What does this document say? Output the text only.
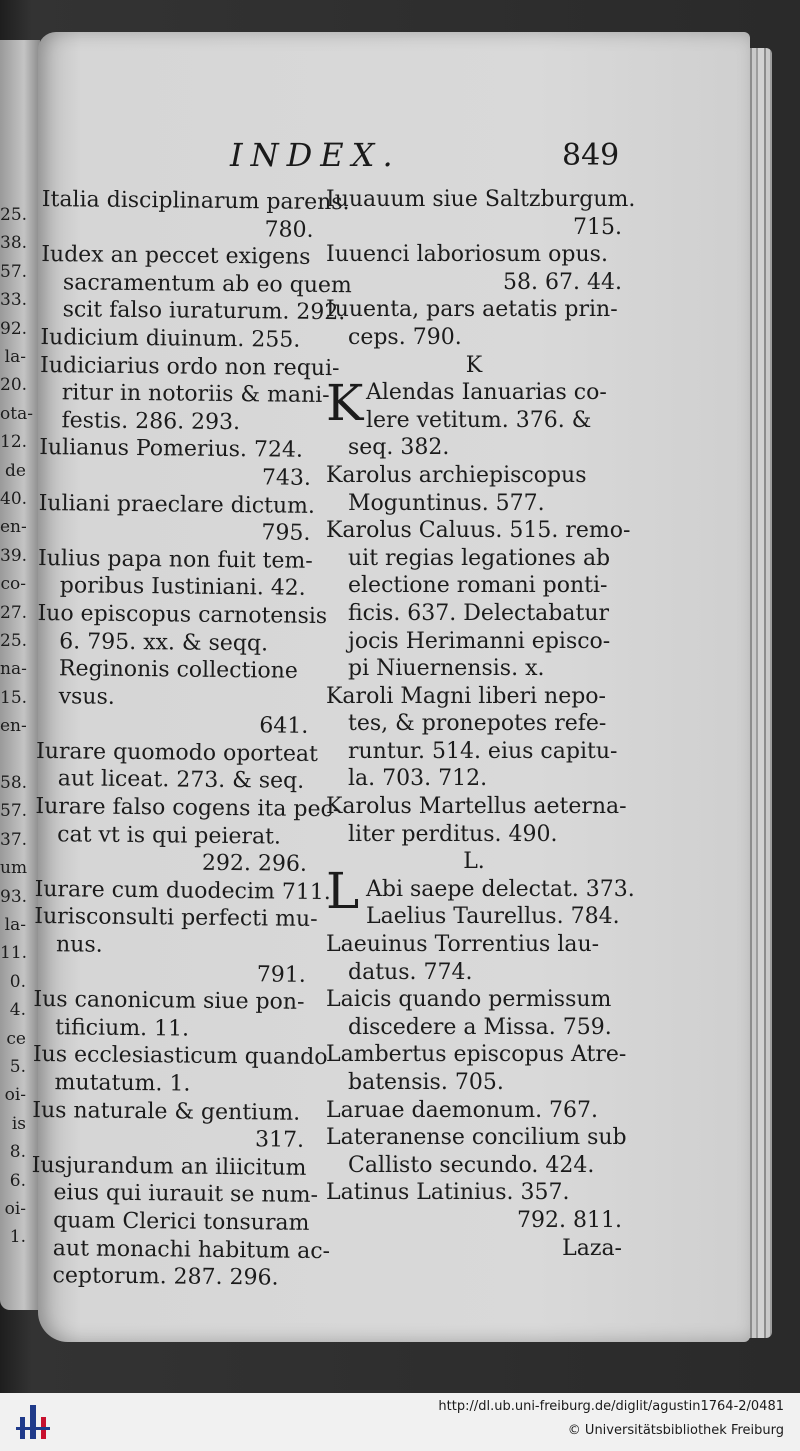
25.
38.
57.
33.
92.
la-
20.
ota-
12.
de
40.
en-
39.
co-
27.
25.
na-
15.
en-
58.
57.
37.
um
93.
la-
11.
0.
4.
ce
5.
oi-
is
8.
6.
oi-
1.
INDEX.	849
Italia disciplinarum parens.
780.
Iudex an peccet exigens
sacramentum ab eo quem
scit falso iuraturum. 292.
Iudicium diuinum. 255.
Iudiciarius ordo non requi-
ritur in notoriis & mani-
festis. 286. 293.
Iulianus Pomerius. 724.
743.
Iuliani praeclare dictum.
795.
Iulius papa non fuit tem-
poribus Iustiniani. 42.
Iuo episcopus carnotensis
6. 795. xx. & seqq.
Reginonis collectione
vsus.
641.
Iurare quomodo oporteat
aut liceat. 273. & seq.
Iurare falso cogens ita pec-
cat vt is qui peierat.
292. 296.
Iurare cum duodecim 711.
Iurisconsulti perfecti mu-
nus.
791.
Ius canonicum siue pon-
tificium. 11.
Ius ecclesiasticum quando
mutatum. 1.
Ius naturale & gentium.
317.
Iusjurandum an iliicitum
eius qui iurauit se num-
quam Clerici tonsuram
aut monachi habitum ac-
ceptorum. 287. 296.
Iuuauum siue Saltzburgum.
715.
Iuuenci laboriosum opus.
58. 67. 44.
Iuuenta, pars aetatis prin-
ceps. 790.
K
Alendas Ianuarias co-
lere vetitum. 376. &
seq. 382.
Karolus archiepiscopus
Moguntinus. 577.
Karolus Caluus. 515. remo-
uit regias legationes ab
electione romani ponti-
ficis. 637. Delectabatur
jocis Herimanni episco-
pi Niuernensis. x.
Karoli Magni liberi nepo-
tes, & pronepotes refe-
runtur. 514. eius capitu-
la. 703. 712.
Karolus Martellus aeterna-
liter perditus. 490.
L.
Abi saepe delectat. 373.
Laelius Taurellus. 784.
Laeuinus Torrentius lau-
datus. 774.
Laicis quando permissum
discedere a Missa. 759.
Lambertus episcopus Atre-
batensis. 705.
Laruae daemonum. 767.
Lateranense concilium sub
Callisto secundo. 424.
Latinus Latinius. 357.
792. 811.
Laza-
K
L
http://dl.ub.uni-freiburg.de/diglit/agustin1764-2/0481
© Universitätsbibliothek Freiburg
